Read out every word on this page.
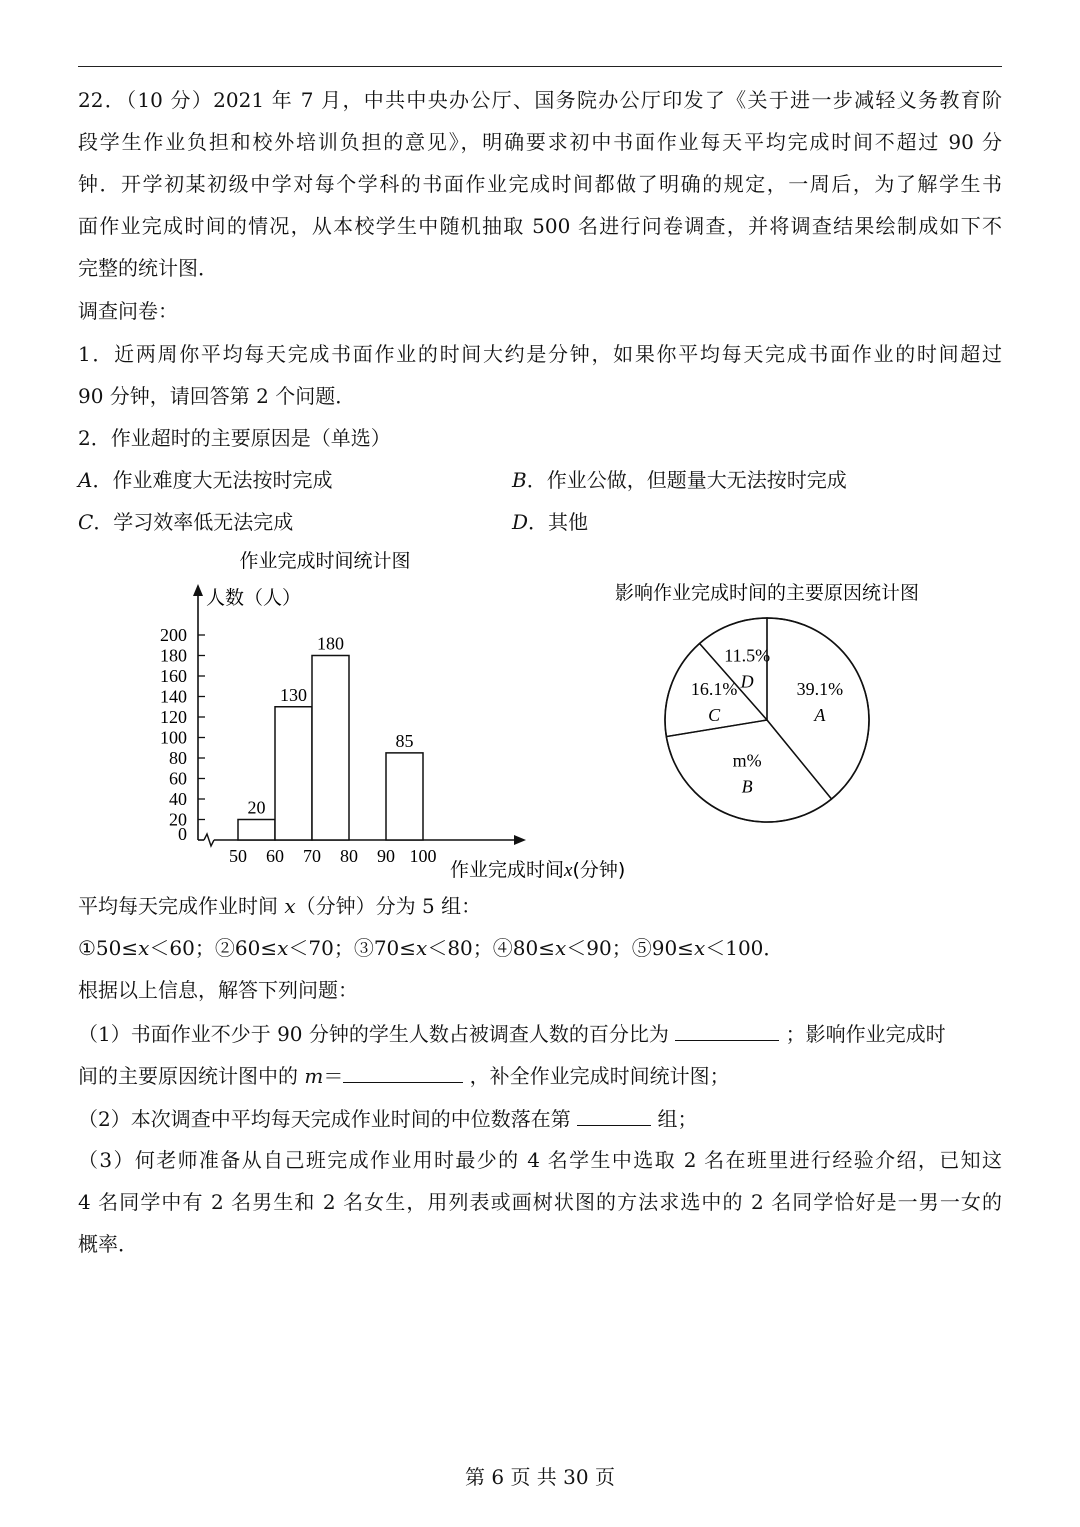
22．（10 分）2021 年 7 月，中共中央办公厅、国务院办公厅印发了《关于进一步减轻义务教育阶
段学生作业负担和校外培训负担的意见》，明确要求初中书面作业每天平均完成时间不超过 90 分
钟．开学初某初级中学对每个学科的书面作业完成时间都做了明确的规定，一周后，为了解学生书
面作业完成时间的情况，从本校学生中随机抽取 500 名进行问卷调查，并将调查结果绘制成如下不
完整的统计图．
调查问卷：
1．近两周你平均每天完成书面作业的时间大约是分钟，如果你平均每天完成书面作业的时间超过
90 分钟，请回答第 2 个问题．
2．作业超时的主要原因是（单选）
A．作业难度大无法按时完成	B．作业公做，但题量大无法按时完成
C．学习效率低无法完成	D．其他
作业完成时间统计图
人数（人）
0
20
40
60
80
100
120
140
160
180
200
50 60 70 80 90 100
20
130
180
85
作业完成时间x(分钟)
影响作业完成时间的主要原因统计图
39.1%
A
m%
B
16.1%
C
11.5%
D
平均每天完成作业时间 x（分钟）分为 5 组：
①50≤x＜60；②60≤x＜70；③70≤x＜80；④80≤x＜90；⑤90≤x＜100．
根据以上信息，解答下列问题：
（1）书面作业不少于 90 分钟的学生人数占被调查人数的百分比为	；影响作业完成时
间的主要原因统计图中的 m＝	，补全作业完成时间统计图；
（2）本次调查中平均每天完成作业时间的中位数落在第	组；
（3）何老师准备从自己班完成作业用时最少的 4 名学生中选取 2 名在班里进行经验介绍，已知这
4 名同学中有 2 名男生和 2 名女生，用列表或画树状图的方法求选中的 2 名同学恰好是一男一女的
概率．
第 6 页 共 30 页
